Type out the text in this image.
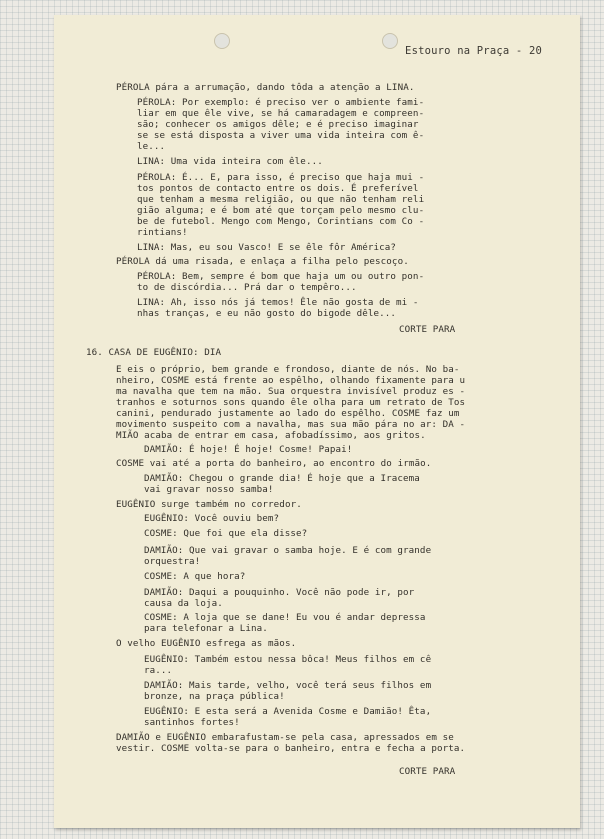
Estouro na Praça - 20
PÉROLA pára a arrumação, dando tôda a atenção a LINA.
PÉROLA: Por exemplo: é preciso ver o ambiente fami-
liar em que êle vive, se há camaradagem e compreen-
são; conhecer os amigos dêle; e é preciso imaginar
se se está disposta a viver uma vida inteira com ê-
le...
LINA: Uma vida inteira com êle...
PÉROLA: É... E, para isso, é preciso que haja mui -
tos pontos de contacto entre os dois. É preferível
que tenham a mesma religião, ou que não tenham reli
gião alguma; e é bom até que torçam pelo mesmo clu-
be de futebol. Mengo com Mengo, Corintians com Co -
rintians!
LINA: Mas, eu sou Vasco! E se êle fôr América?
PÉROLA dá uma risada, e enlaça a filha pelo pescoço.
PÉROLA: Bem, sempre é bom que haja um ou outro pon-
to de discórdia... Prá dar o tempêro...
LINA: Ah, isso nós já temos! Êle não gosta de mi -
nhas tranças, e eu não gosto do bigode dêle...
CORTE PARA
16. CASA DE EUGÊNIO: DIA
E eis o próprio, bem grande e frondoso, diante de nós. No ba-
nheiro, COSME está frente ao espêlho, olhando fixamente para u
ma navalha que tem na mão. Sua orquestra invisível produz es -
tranhos e soturnos sons quando êle olha para um retrato de Tos
canini, pendurado justamente ao lado do espêlho. COSME faz um
movimento suspeito com a navalha, mas sua mão pára no ar: DA -
MIÃO acaba de entrar em casa, afobadíssimo, aos gritos.
DAMIÃO: É hoje! É hoje! Cosme! Papai!
COSME vai até a porta do banheiro, ao encontro do irmão.
DAMIÃO: Chegou o grande dia! É hoje que a Iracema
vai gravar nosso samba!
EUGÊNIO surge também no corredor.
EUGÊNIO: Você ouviu bem?
COSME: Que foi que ela disse?
DAMIÃO: Que vai gravar o samba hoje. E é com grande
orquestra!
COSME: A que hora?
DAMIÃO: Daqui a pouquinho. Você não pode ir, por
causa da loja.
COSME: A loja que se dane! Eu vou é andar depressa
para telefonar a Lina.
O velho EUGÊNIO esfrega as mãos.
EUGÊNIO: Também estou nessa bôca! Meus filhos em cê
ra...
DAMIÃO: Mais tarde, velho, você terá seus filhos em
bronze, na praça pública!
EUGÊNIO: E esta será a Avenida Cosme e Damião! Êta,
santinhos fortes!
DAMIÃO e EUGÊNIO embarafustam-se pela casa, apressados em se
vestir. COSME volta-se para o banheiro, entra e fecha a porta.
CORTE PARA
